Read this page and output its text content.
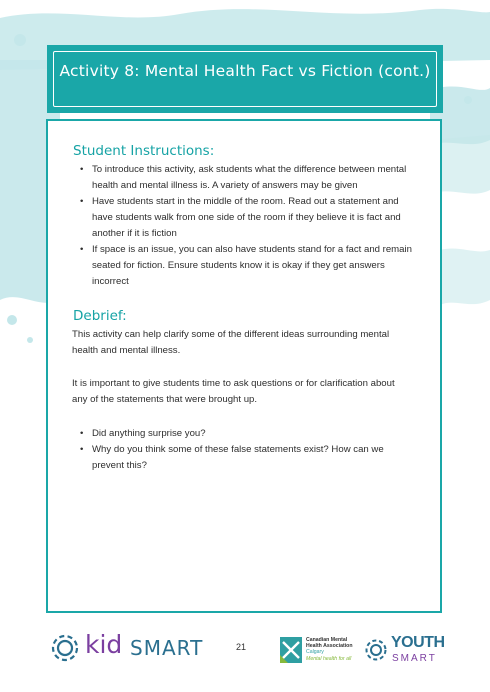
Activity 8: Mental Health Fact vs Fiction (cont.)
Student Instructions:
• To introduce this activity, ask students what the difference between mental health and mental illness is. A variety of answers may be given
• Have students start in the middle of the room. Read out a statement and have students walk from one side of the room if they believe it is fact and another if it is fiction
• If space is an issue, you can also have students stand for a fact and remain seated for fiction. Ensure students know it is okay if they get answers incorrect
Debrief:

This activity can help clarify some of the different ideas surrounding mental health and mental illness.

It is important to give students time to ask questions or for clarification about any of the statements that were brought up.

• Did anything surprise you?
• Why do you think some of these false statements exist? How can we prevent this?
kid SMART	21
Canadian Mental
Health Association
Calgary
Mental health for all
YOUTH
SMART
